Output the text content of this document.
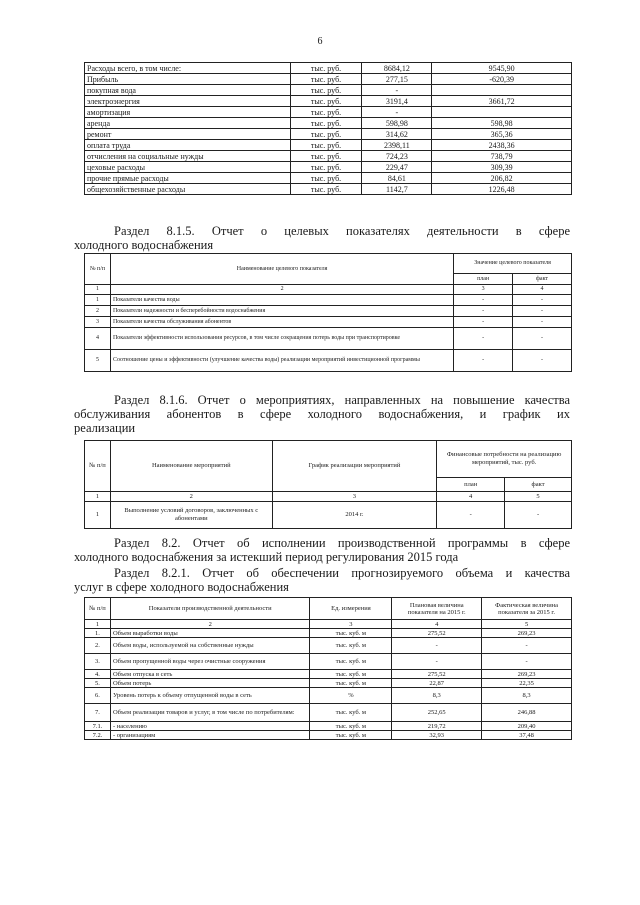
6
Расходы всего, в том числе:	тыс. руб.	8684,12	9545,90
Прибыль	тыс. руб.	277,15	-620,39
покупная вода	тыс. руб.	-	
электроэнергия	тыс. руб.	3191,4	3661,72
амортизация	тыс. руб.	-	
аренда	тыс. руб.	598,98	598,98
ремонт	тыс. руб.	314,62	365,36
оплата труда	тыс. руб.	2398,11	2438,36
отчисления на социальные нужды	тыс. руб.	724,23	738,79
цеховые расходы	тыс. руб.	229,47	309,39
прочие прямые расходы	тыс. руб.	84,61	206,82
общехозяйственные расходы	тыс. руб.	1142,7	1226,48
Раздел 8.1.5. Отчет о целевых показателях деятельности в сфере
холодного водоснабжения
№ п/п	Наименование целевого показателя	Значение целевого показателя	
		план	факт
1	2	3	4
1	Показатели качества воды	-	-
2	Показатели надежности и бесперебойности водоснабжения	-	-
3	Показатели качества обслуживания абонентов	-	-
4	Показатели эффективности использования ресурсов, в том числе сокращения потерь воды при транспортировке	-	-
5	Соотношение цены и эффективности (улучшение качества воды) реализации мероприятий инвестиционной программы	-	-
Раздел 8.1.6. Отчет о мероприятиях, направленных на повышение качества
обслуживания абонентов в сфере холодного водоснабжения, и график их
реализации
№ п/п	Наименование мероприятий	График реализации мероприятий	Финансовые потребности на реализацию мероприятий, тыс. руб.	
			план	факт
1	2	3	4	5
1	Выполнение условий договоров, заключенных с абонентами	2014 г.	-	-
Раздел 8.2. Отчет об исполнении производственной программы в сфере
холодного водоснабжения за истекший период регулирования 2015 года
Раздел 8.2.1. Отчет об обеспечении прогнозируемого объема и качества
услуг в сфере холодного водоснабжения
№ п/п	Показатели производственной деятельности	Ед. измерения	Плановая величина показателя на 2015 г.	Фактическая величина показателя за 2015 г.
1	2	3	4	5
1.	Объем выработки воды	тыс. куб. м	275,52	269,23
2.	Объем воды, используемой на собственные нужды	тыс. куб. м	-	-
3.	Объем пропущенной воды через очистные сооружения	тыс. куб. м	-	-
4.	Объем отпуска в сеть	тыс. куб. м	275,52	269,23
5.	Объем потерь	тыс. куб. м	22,87	22,35
6.	Уровень потерь к объему отпущенной воды в сеть	%	8,3	8,3
7.	Объем реализации товаров и услуг, в том числе по потребителям:	тыс. куб. м	252,65	246,88
7.1.	- населению	тыс. куб. м	219,72	209,40
7.2.	- организациям	тыс. куб. м	32,93	37,48
